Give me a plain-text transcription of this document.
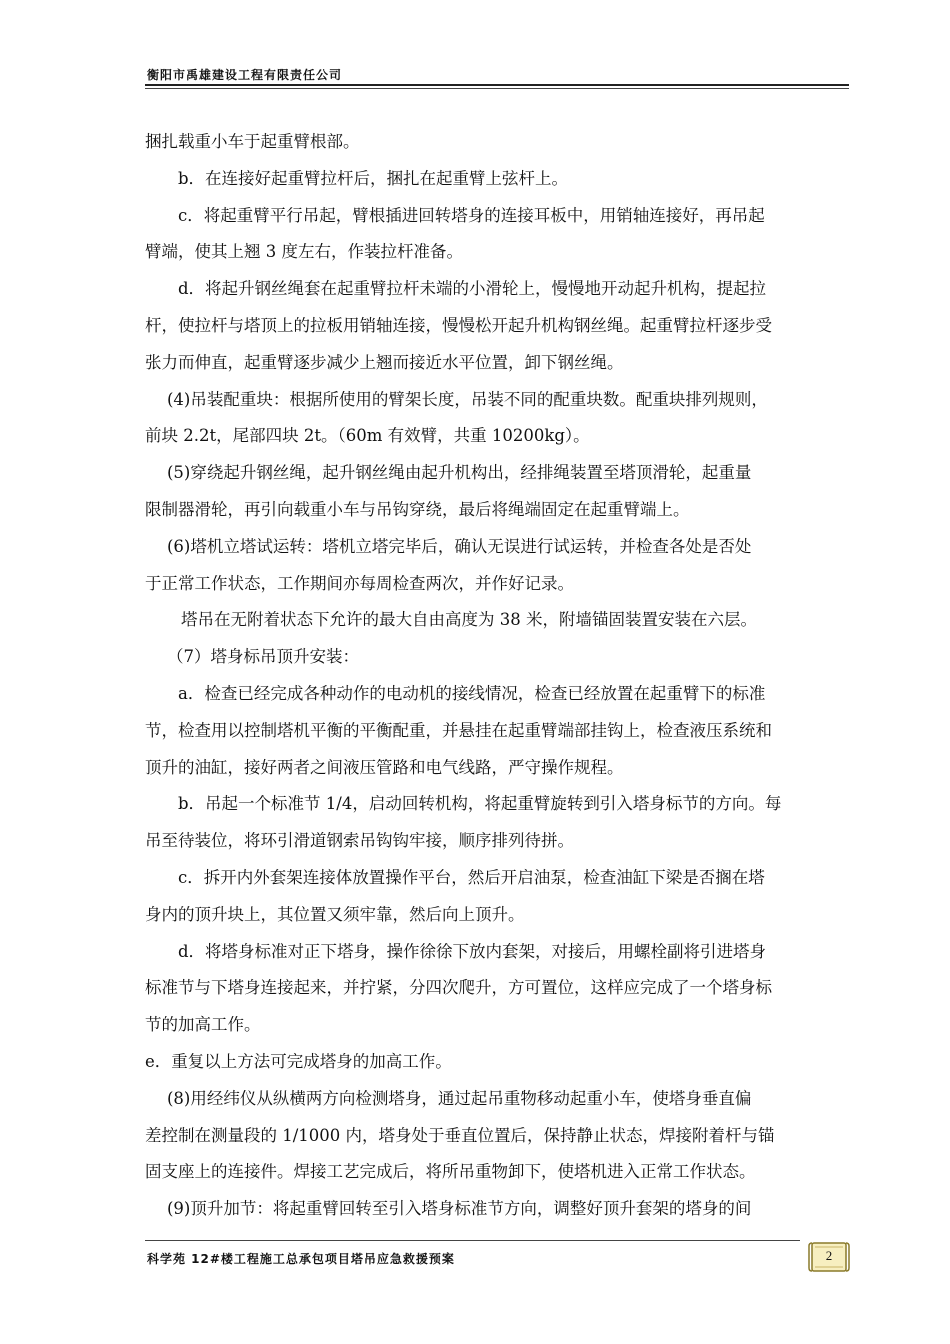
衡阳市禹雄建设工程有限责任公司
捆扎载重小车于起重臂根部。
b．在连接好起重臂拉杆后，捆扎在起重臂上弦杆上。
c．将起重臂平行吊起，臂根插进回转塔身的连接耳板中，用销轴连接好，再吊起
臂端，使其上翘 3 度左右，作装拉杆准备。
d．将起升钢丝绳套在起重臂拉杆未端的小滑轮上，慢慢地开动起升机构，提起拉
杆，使拉杆与塔顶上的拉板用销轴连接，慢慢松开起升机构钢丝绳。起重臂拉杆逐步受
张力而伸直，起重臂逐步减少上翘而接近水平位置，卸下钢丝绳。
(4)吊装配重块：根据所使用的臂架长度，吊装不同的配重块数。配重块排列规则，
前块 2.2t，尾部四块 2t。（60m 有效臂，共重 10200kg）。
(5)穿绕起升钢丝绳，起升钢丝绳由起升机构出，经排绳装置至塔顶滑轮，起重量
限制器滑轮，再引向载重小车与吊钩穿绕，最后将绳端固定在起重臂端上。
(6)塔机立塔试运转：塔机立塔完毕后，确认无误进行试运转，并检查各处是否处
于正常工作状态，工作期间亦每周检查两次，并作好记录。
塔吊在无附着状态下允许的最大自由高度为 38 米，附墙锚固装置安装在六层。
（7）塔身标吊顶升安装：
a．检查已经完成各种动作的电动机的接线情况，检查已经放置在起重臂下的标准
节，检查用以控制塔机平衡的平衡配重，并悬挂在起重臂端部挂钩上，检查液压系统和
顶升的油缸，接好两者之间液压管路和电气线路，严守操作规程。
b．吊起一个标准节 1/4，启动回转机构，将起重臂旋转到引入塔身标节的方向。每
吊至待装位，将环引滑道钢索吊钩钩牢接，顺序排列待拼。
c．拆开内外套架连接体放置操作平台，然后开启油泵，检查油缸下梁是否搁在塔
身内的顶升块上，其位置又须牢靠，然后向上顶升。
d．将塔身标准对正下塔身，操作徐徐下放内套架，对接后，用螺栓副将引进塔身
标准节与下塔身连接起来，并拧紧，分四次爬升，方可置位，这样应完成了一个塔身标
节的加高工作。
e．重复以上方法可完成塔身的加高工作。
(8)用经纬仪从纵横两方向检测塔身，通过起吊重物移动起重小车，使塔身垂直偏
差控制在测量段的 1/1000 内，塔身处于垂直位置后，保持静止状态，焊接附着杆与锚
固支座上的连接件。焊接工艺完成后，将所吊重物卸下，使塔机进入正常工作状态。
(9)顶升加节：将起重臂回转至引入塔身标准节方向，调整好顶升套架的塔身的间
科学苑 12#楼工程施工总承包项目塔吊应急救援预案	2
